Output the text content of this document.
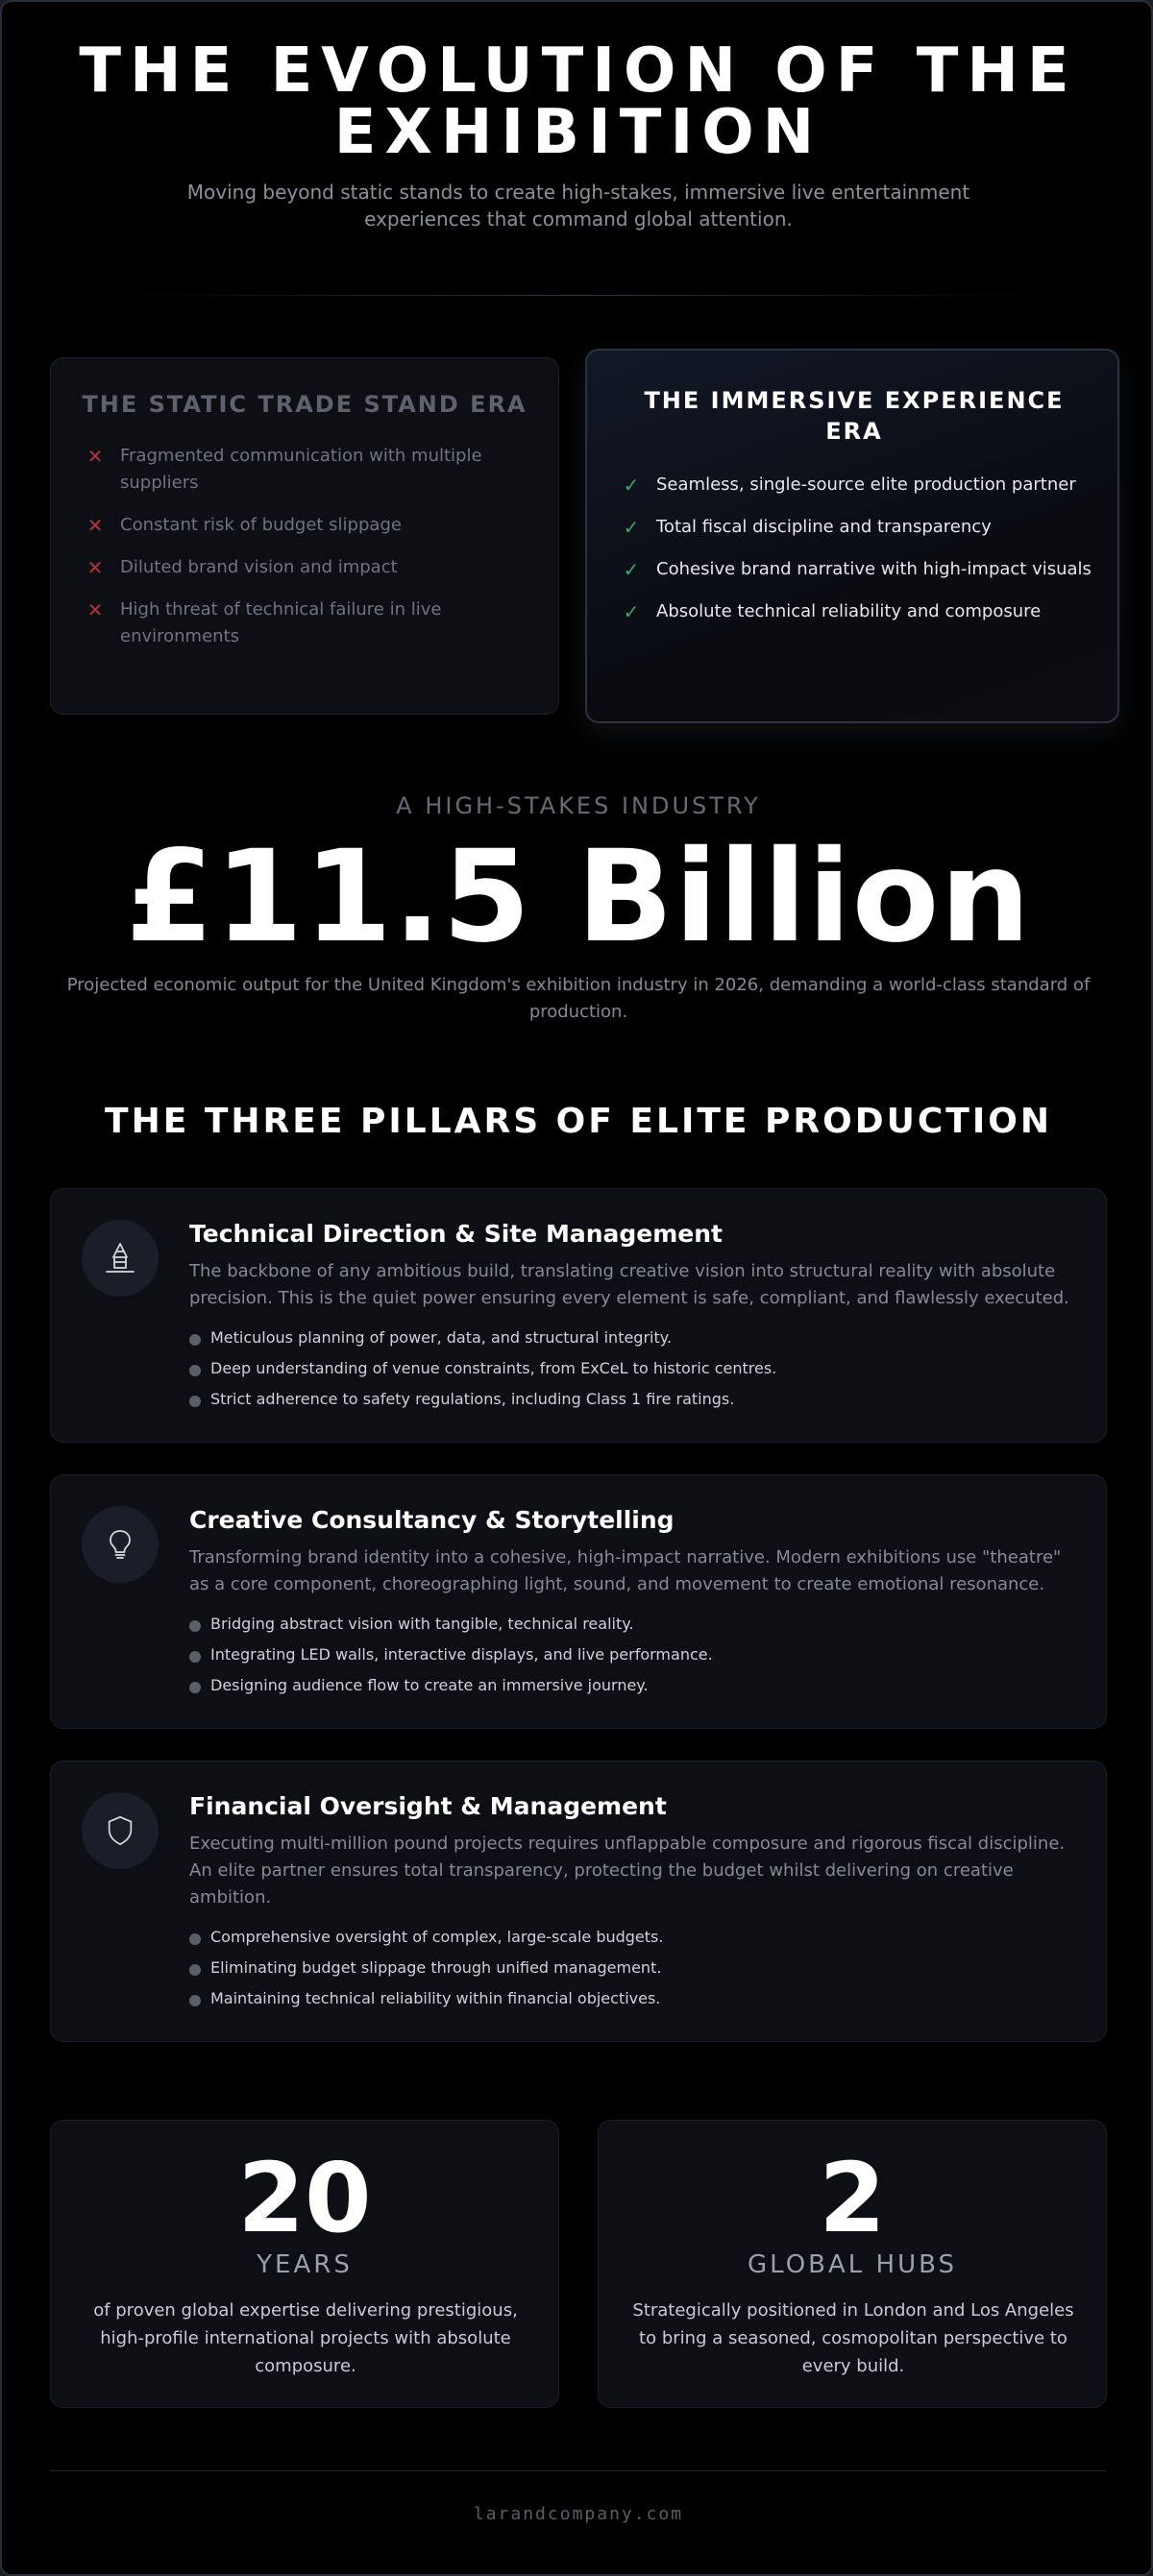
THE EVOLUTION OF THE
EXHIBITION
Moving beyond static stands to create high-stakes, immersive live entertainment experiences that command global attention.
THE STATIC TRADE STAND ERA
✕ Fragmented communication with multiple suppliers
✕ Constant risk of budget slippage
✕ Diluted brand vision and impact
✕ High threat of technical failure in live environments
THE IMMERSIVE EXPERIENCE ERA
✓ Seamless, single-source elite production partner
✓ Total fiscal discipline and transparency
✓ Cohesive brand narrative with high-impact visuals
✓ Absolute technical reliability and composure
A HIGH-STAKES INDUSTRY
£11.5 Billion
Projected economic output for the United Kingdom's exhibition industry in 2026, demanding a world-class standard of production.
THE THREE PILLARS OF ELITE PRODUCTION
Technical Direction & Site Management
The backbone of any ambitious build, translating creative vision into structural reality with absolute precision. This is the quiet power ensuring every element is safe, compliant, and flawlessly executed.
Meticulous planning of power, data, and structural integrity.
Deep understanding of venue constraints, from ExCeL to historic centres.
Strict adherence to safety regulations, including Class 1 fire ratings.
Creative Consultancy & Storytelling
Transforming brand identity into a cohesive, high-impact narrative. Modern exhibitions use "theatre" as a core component, choreographing light, sound, and movement to create emotional resonance.
Bridging abstract vision with tangible, technical reality.
Integrating LED walls, interactive displays, and live performance.
Designing audience flow to create an immersive journey.
Financial Oversight & Management
Executing multi-million pound projects requires unflappable composure and rigorous fiscal discipline. An elite partner ensures total transparency, protecting the budget whilst delivering on creative ambition.
Comprehensive oversight of complex, large-scale budgets.
Eliminating budget slippage through unified management.
Maintaining technical reliability within financial objectives.
20
YEARS
of proven global expertise delivering prestigious, high-profile international projects with absolute composure.
2
GLOBAL HUBS
Strategically positioned in London and Los Angeles to bring a seasoned, cosmopolitan perspective to every build.
larandcompany.com
